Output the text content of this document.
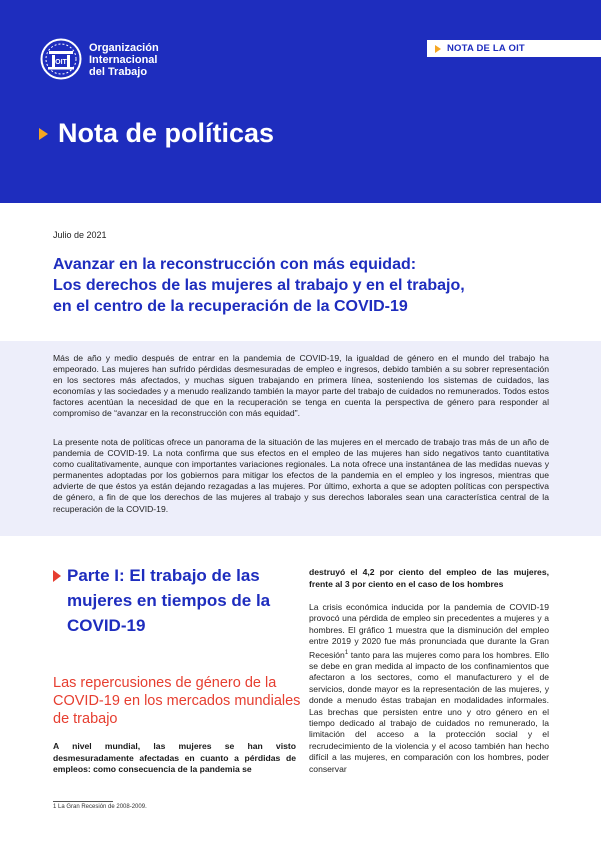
OIT
Organización
Internacional
del Trabajo
NOTA DE LA OIT
Nota de políticas
Julio de 2021
Avanzar en la reconstrucción con más equidad:
Los derechos de las mujeres al trabajo y en el trabajo,
en el centro de la recuperación de la COVID-19

Más de año y medio después de entrar en la pandemia de COVID-19, la igualdad de género en el mundo del trabajo ha empeorado. Las mujeres han sufrido pérdidas desmesuradas de empleo e ingresos, debido también a su sobrer representación en los sectores más afectados, y muchas siguen trabajando en primera línea, sosteniendo los sistemas de cuidados, las economías y las sociedades y a menudo realizando también la mayor parte del trabajo de cuidados no remunerados. Todos estos factores acentúan la necesidad de que en la recuperación se tenga en cuenta la perspectiva de género para responder al compromiso de “avanzar en la reconstrucción con más equidad”.

La presente nota de políticas ofrece un panorama de la situación de las mujeres en el mercado de trabajo tras más de un año de pandemia de COVID-19. La nota confirma que sus efectos en el empleo de las mujeres han sido negativos tanto cuantitativa como cualitativamente, aunque con importantes variaciones regionales. La nota ofrece una instantánea de las medidas nuevas y permanentes adoptadas por los gobiernos para mitigar los efectos de la pandemia en el empleo y los ingresos, mientras que advierte de que éstos ya están dejando rezagadas a las mujeres. Por último, exhorta a que se adopten políticas con perspectiva de género, a fin de que los derechos de las mujeres al trabajo y sus derechos laborales sean una característica central de la recuperación de la COVID-19.

Parte I: El trabajo de las mujeres en tiempos de la COVID-19
Las repercusiones de género de la COVID-19 en los mercados mundiales de trabajo
A nivel mundial, las mujeres se han visto desmesuradamente afectadas en cuanto a pérdidas de empleos: como consecuencia de la pandemia se
destruyó el 4,2 por ciento del empleo de las mujeres, frente al 3 por ciento en el caso de los hombres
La crisis económica inducida por la pandemia de COVID-19 provocó una pérdida de empleo sin precedentes a mujeres y a hombres. El gráfico 1 muestra que la disminución del empleo entre 2019 y 2020 fue más pronunciada que durante la Gran Recesión$^1$ tanto para las mujeres como para los hombres. Ello se debe en gran medida al impacto de los confinamientos que afectaron a los sectores, como el manufacturero y el de servicios, donde mayor es la representación de las mujeres, y donde a menudo éstas trabajan en modalidades informales. Las brechas que persisten entre uno y otro género en el tiempo dedicado al trabajo de cuidados no remunerado, la limitación del acceso a la protección social y el recrudecimiento de la violencia y el acoso también han hecho difícil a las mujeres, en comparación con los hombres, poder conservar
1 La Gran Recesión de 2008-2009.
